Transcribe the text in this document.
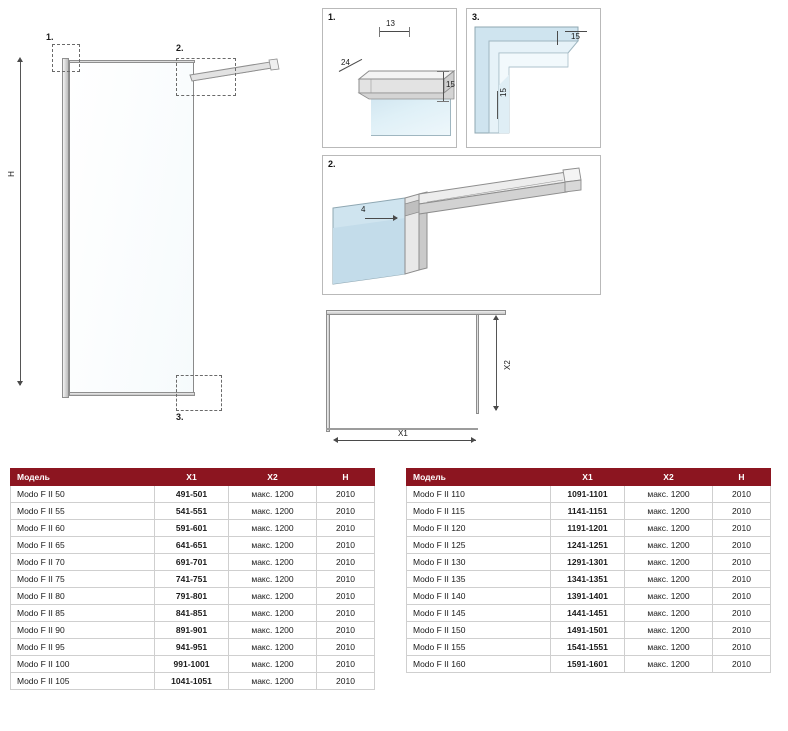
H
1.
2.
3.
1.
13
24
15
3.
15
15
2.
4
X2
X1
Модель	X1	X2	H
Modo F II 50	491-501	макс. 1200	2010
Modo F II 55	541-551	макс. 1200	2010
Modo F II 60	591-601	макс. 1200	2010
Modo F II 65	641-651	макс. 1200	2010
Modo F II 70	691-701	макс. 1200	2010
Modo F II 75	741-751	макс. 1200	2010
Modo F II 80	791-801	макс. 1200	2010
Modo F II 85	841-851	макс. 1200	2010
Modo F II 90	891-901	макс. 1200	2010
Modo F II 95	941-951	макс. 1200	2010
Modo F II 100	991-1001	макс. 1200	2010
Modo F II 105	1041-1051	макс. 1200	2010
Модель	X1	X2	H
Modo F II 110	1091-1101	макс. 1200	2010
Modo F II 115	1141-1151	макс. 1200	2010
Modo F II 120	1191-1201	макс. 1200	2010
Modo F II 125	1241-1251	макс. 1200	2010
Modo F II 130	1291-1301	макс. 1200	2010
Modo F II 135	1341-1351	макс. 1200	2010
Modo F II 140	1391-1401	макс. 1200	2010
Modo F II 145	1441-1451	макс. 1200	2010
Modo F II 150	1491-1501	макс. 1200	2010
Modo F II 155	1541-1551	макс. 1200	2010
Modo F II 160	1591-1601	макс. 1200	2010
